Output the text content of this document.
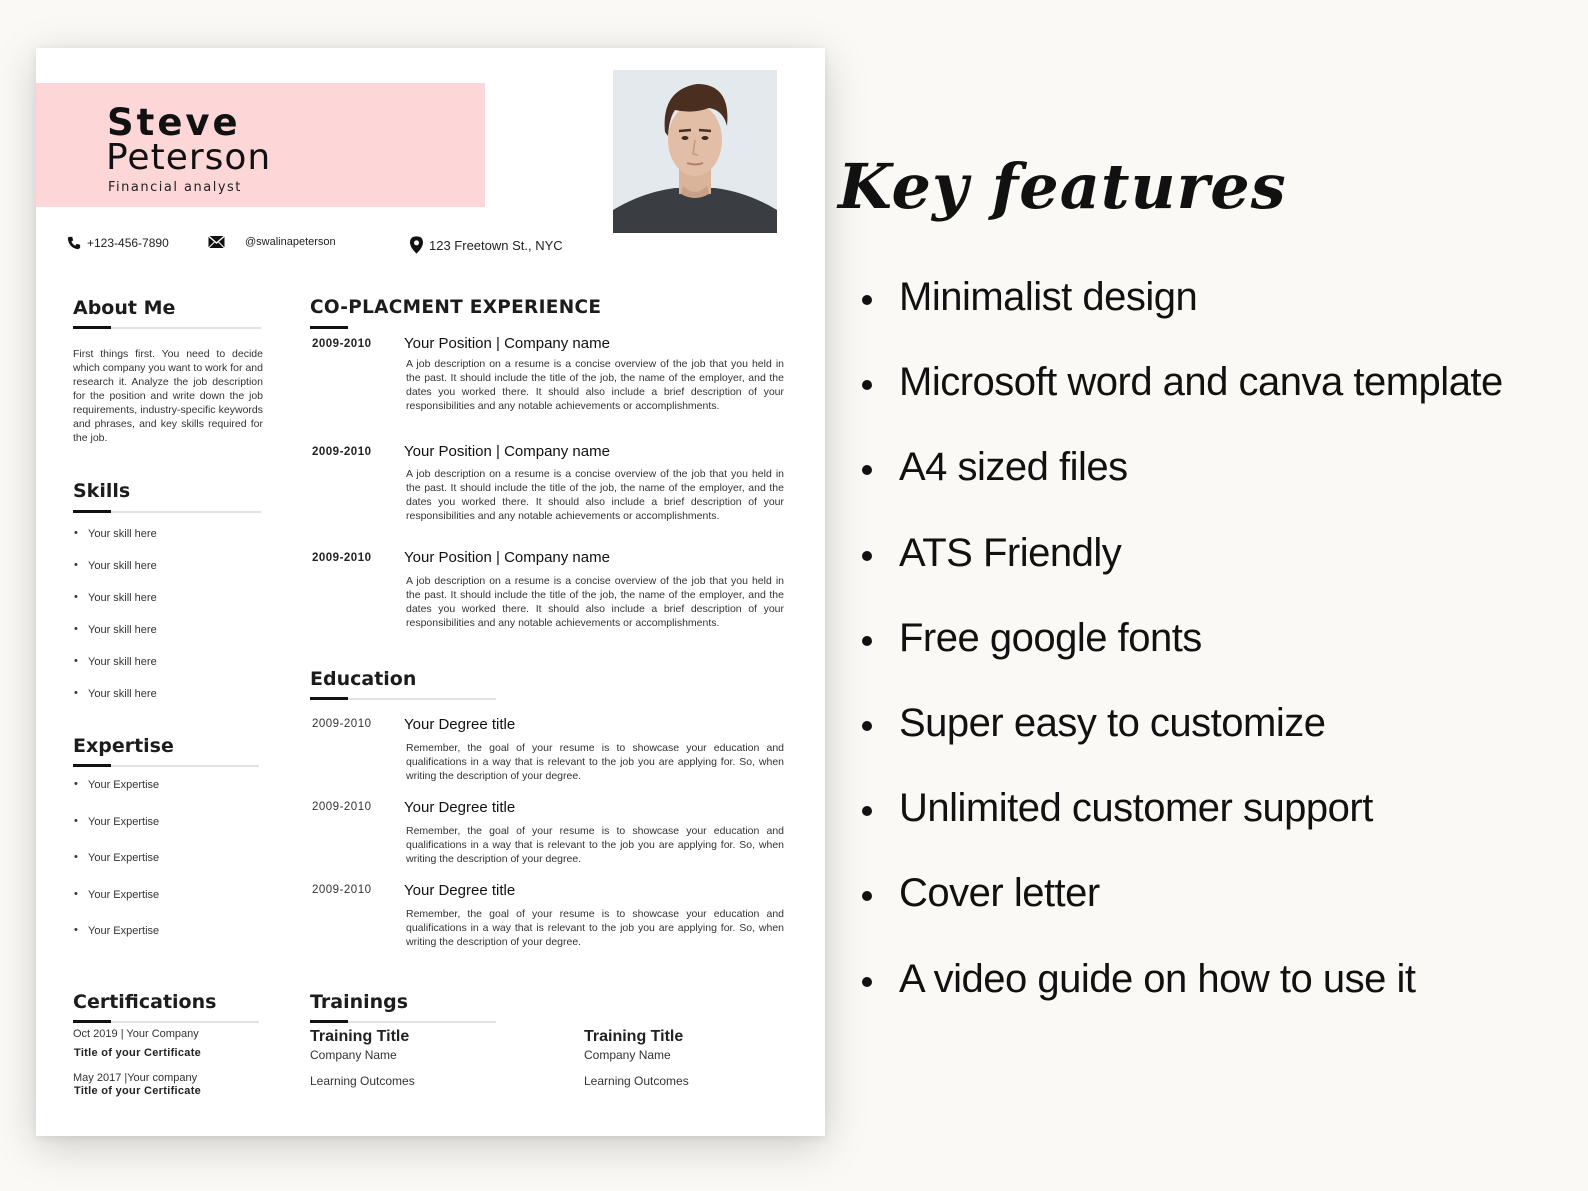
Steve
Peterson
Financial analyst
+123-456-7890	@swalinapeterson	123 Freetown St., NYC
About Me
First things first. You need to decide which company you want to work for and research it. Analyze the job description for the position and write down the job requirements, industry-specific keywords and phrases, and key skills required for the job.
Skills
• Your skill here
• Your skill here
• Your skill here
• Your skill here
• Your skill here
• Your skill here
Expertise
• Your Expertise
• Your Expertise
• Your Expertise
• Your Expertise
• Your Expertise
Certifications
Oct 2019 | Your Company
Title of your Certificate
May 2017 |Your company
Title of your Certificate
CO-PLACMENT EXPERIENCE
2009-2010 Your Position | Company name
A job description on a resume is a concise overview of the job that you held in the past. It should include the title of the job, the name of the employer, and the dates you worked there. It should also include a brief description of your responsibilities and any notable achievements or accomplishments.
2009-2010 Your Position | Company name
A job description on a resume is a concise overview of the job that you held in the past. It should include the title of the job, the name of the employer, and the dates you worked there. It should also include a brief description of your responsibilities and any notable achievements or accomplishments.
2009-2010 Your Position | Company name
A job description on a resume is a concise overview of the job that you held in the past. It should include the title of the job, the name of the employer, and the dates you worked there. It should also include a brief description of your responsibilities and any notable achievements or accomplishments.
Education
2009-2010 Your Degree title
Remember, the goal of your resume is to showcase your education and qualifications in a way that is relevant to the job you are applying for. So, when writing the description of your degree.
2009-2010 Your Degree title
Remember, the goal of your resume is to showcase your education and qualifications in a way that is relevant to the job you are applying for. So, when writing the description of your degree.
2009-2010 Your Degree title
Remember, the goal of your resume is to showcase your education and qualifications in a way that is relevant to the job you are applying for. So, when writing the description of your degree.
Trainings
Training Title
Company Name
Learning Outcomes
Training Title
Company Name
Learning Outcomes
Key features
Minimalist design
Microsoft word and canva template
A4 sized files
ATS Friendly
Free google fonts
Super easy to customize
Unlimited customer support
Cover letter
A video guide on how to use it
